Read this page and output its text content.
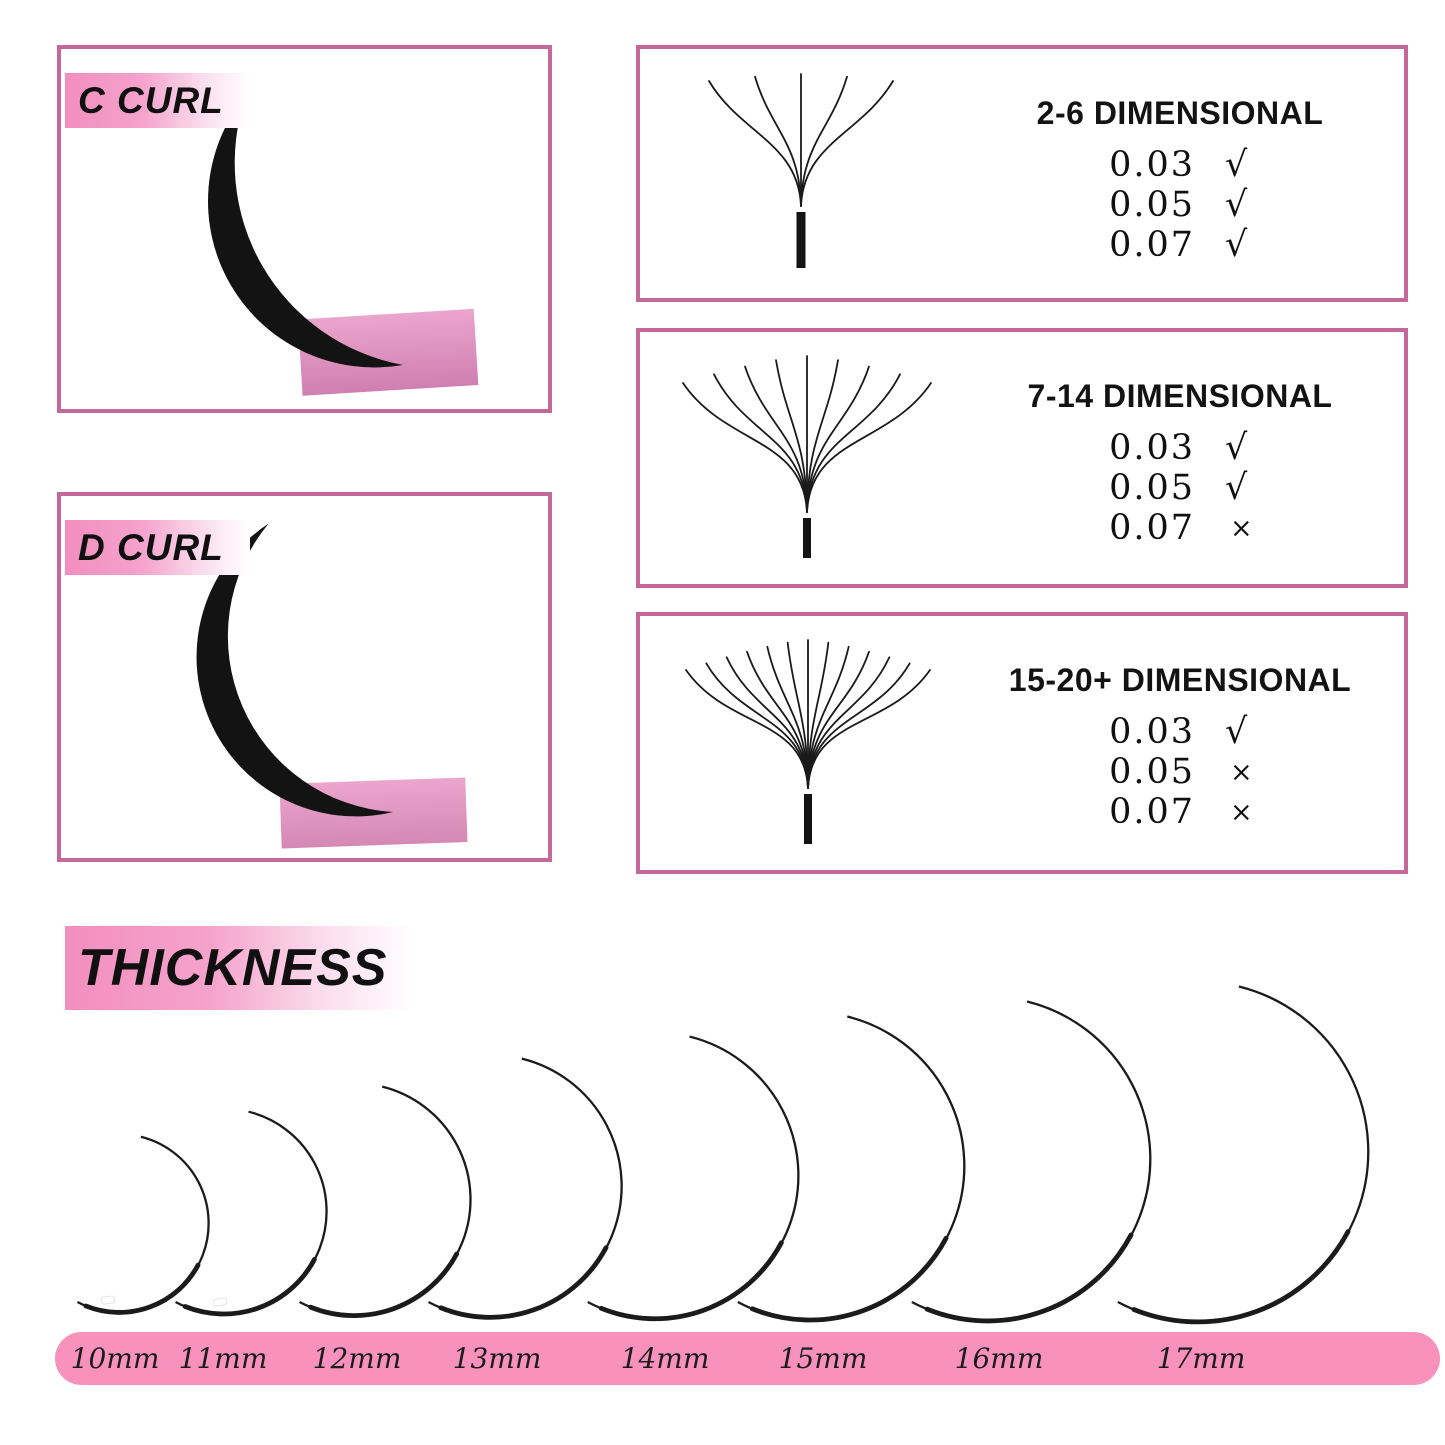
C CURL
D CURL
2-6 DIMENSIONAL
0.03 √
0.05 √
0.07 √
7-14 DIMENSIONAL
0.03 √
0.05 √
0.07 ×
15-20+ DIMENSIONAL
0.03 √
0.05 ×
0.07 ×
THICKNESS
10mm 11mm 12mm 13mm	14mm 15mm	16mm	17mm
